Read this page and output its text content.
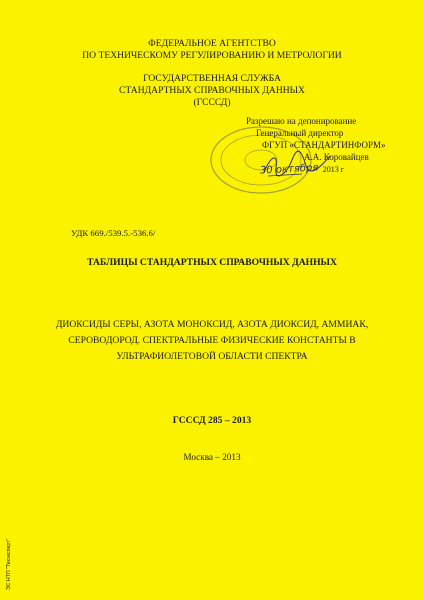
ФЕДЕРАЛЬНОЕ АГЕНТСТВО
ПО ТЕХНИЧЕСКОМУ РЕГУЛИРОВАНИЮ И МЕТРОЛОГИИ
ГОСУДАРСТВЕННАЯ СЛУЖБА
СТАНДАРТНЫХ СПРАВОЧНЫХ ДАННЫХ
(ГСССД)
Разрешаю на депонирование
Генеральный директор
ФГУП «СТАНДАРТИНФОРМ»
А.А. Коровайцев
30 октября 2013 г
УДК 669./539.5.-536.6/
ТАБЛИЦЫ СТАНДАРТНЫХ СПРАВОЧНЫХ ДАННЫХ
ДИОКСИДЫ СЕРЫ, АЗОТА МОНОКСИД, АЗОТА ДИОКСИД, АММИАК,
СЕРОВОДОРОД. СПЕКТРАЛЬНЫЕ ФИЗИЧЕСКИЕ КОНСТАНТЫ В
УЛЬТРАФИОЛЕТОВОЙ ОБЛАСТИ СПЕКТРА
ГСССД 285 – 2013
Москва – 2013
ЭС НТП "Техэксперт"
